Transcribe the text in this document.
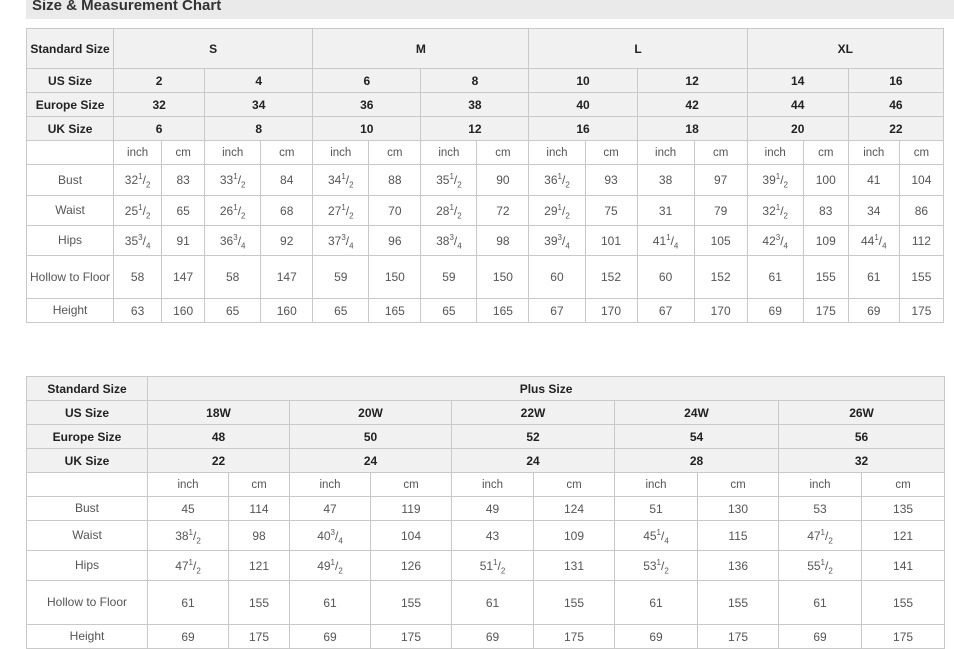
Size & Measurement Chart
Standard Size	S				M				L				XL			
US Size	2		4		6		8		10		12		14		16	
Europe Size	32		34		36		38		40		42		44		46	
UK Size	6		8		10		12		16		18		20		22	
	inch	cm	inch	cm	inch	cm	inch	cm	inch	cm	inch	cm	inch	cm	inch	cm
Bust	$32^1/_2$	83	$33^1/_2$	84	$34^1/_2$	88	$35^1/_2$	90	$36^1/_2$	93	38	97	$39^1/_2$	100	41	104
Waist	$25^1/_2$	65	$26^1/_2$	68	$27^1/_2$	70	$28^1/_2$	72	$29^1/_2$	75	31	79	$32^1/_2$	83	34	86
Hips	$35^3/_4$	91	$36^3/_4$	92	$37^3/_4$	96	$38^3/_4$	98	$39^3/_4$	101	$41^1/_4$	105	$42^3/_4$	109	$44^1/_4$	112
Hollow to Floor	58	147	58	147	59	150	59	150	60	152	60	152	61	155	61	155
Height	63	160	65	160	65	165	65	165	67	170	67	170	69	175	69	175
Standard Size	Plus Size									
US Size	18W		20W		22W		24W		26W	
Europe Size	48		50		52		54		56	
UK Size	22		24		24		28		32	
	inch	cm	inch	cm	inch	cm	inch	cm	inch	cm
Bust	45	114	47	119	49	124	51	130	53	135
Waist	$38^1/_2$	98	$40^3/_4$	104	43	109	$45^1/_4$	115	$47^1/_2$	121
Hips	$47^1/_2$	121	$49^1/_2$	126	$51^1/_2$	131	$53^1/_2$	136	$55^1/_2$	141
Hollow to Floor	61	155	61	155	61	155	61	155	61	155
Height	69	175	69	175	69	175	69	175	69	175
